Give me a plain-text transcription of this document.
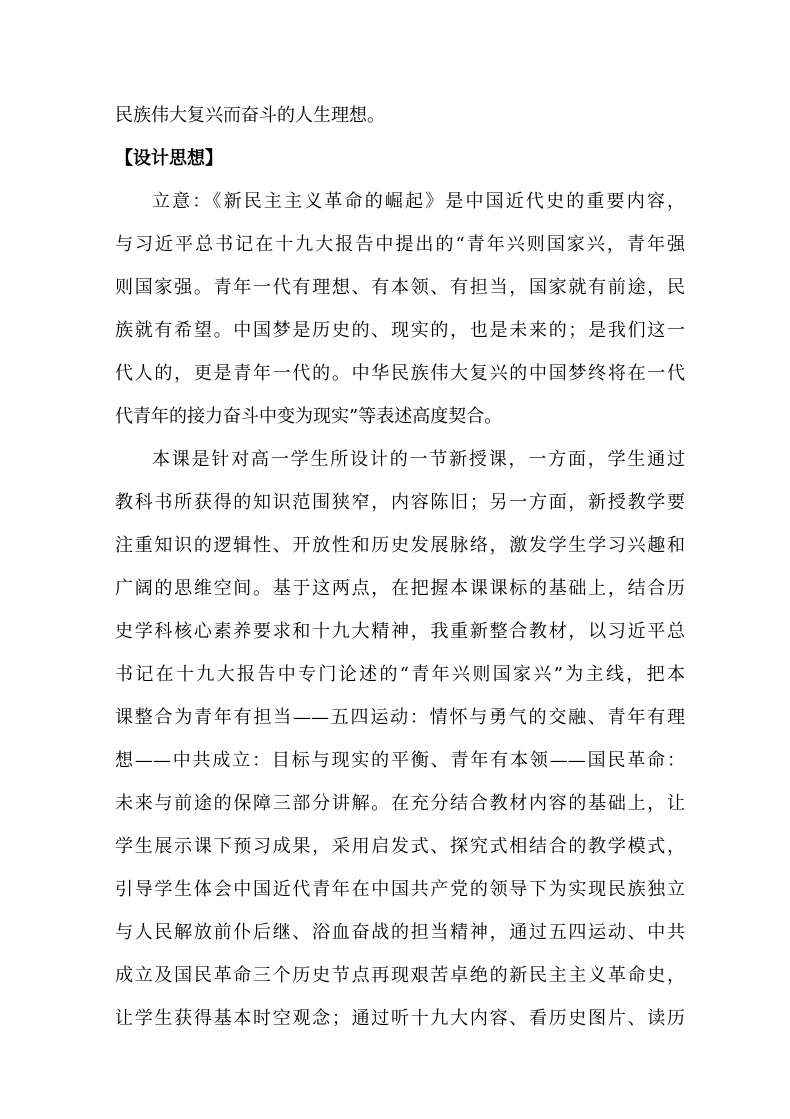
民族伟大复兴而奋斗的人生理想。
【设计思想】
立意：《新民主主义革命的崛起》是中国近代史的重要内容，
与习近平总书记在十九大报告中提出的“青年兴则国家兴，青年强
则国家强。青年一代有理想、有本领、有担当，国家就有前途，民
族就有希望。中国梦是历史的、现实的，也是未来的；是我们这一
代人的，更是青年一代的。中华民族伟大复兴的中国梦终将在一代
代青年的接力奋斗中变为现实”等表述高度契合。
本课是针对高一学生所设计的一节新授课，一方面，学生通过
教科书所获得的知识范围狭窄，内容陈旧；另一方面，新授教学要
注重知识的逻辑性、开放性和历史发展脉络，激发学生学习兴趣和
广阔的思维空间。基于这两点，在把握本课课标的基础上，结合历
史学科核心素养要求和十九大精神，我重新整合教材，以习近平总
书记在十九大报告中专门论述的“青年兴则国家兴”为主线，把本
课整合为青年有担当——五四运动：情怀与勇气的交融、青年有理
想——中共成立：目标与现实的平衡、青年有本领——国民革命：
未来与前途的保障三部分讲解。在充分结合教材内容的基础上，让
学生展示课下预习成果，采用启发式、探究式相结合的教学模式，
引导学生体会中国近代青年在中国共产党的领导下为实现民族独立
与人民解放前仆后继、浴血奋战的担当精神，通过五四运动、中共
成立及国民革命三个历史节点再现艰苦卓绝的新民主主义革命史，
让学生获得基本时空观念；通过听十九大内容、看历史图片、读历
